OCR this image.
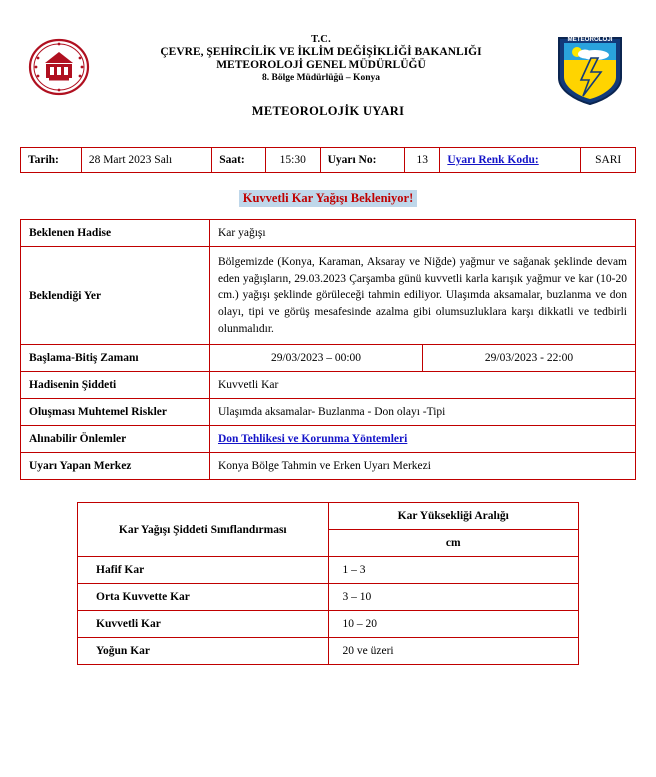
T.C.
ÇEVRE, ŞEHİRCİLİK VE İKLİM DEĞİŞİKLİĞİ BAKANLIĞI
METEOROLOJİ GENEL MÜDÜRLÜĞÜ
8. Bölge Müdürlüğü – Konya
METEOROLOJİ
METEOROLOJİK UYARI
Tarih:	28 Mart 2023 Salı	Saat:	15:30	Uyarı No:	13	Uyarı Renk Kodu:	SARI
Kuvvetli Kar Yağışı Bekleniyor!
Beklenen Hadise	Kar yağışı	
Beklendiği Yer	Bölgemizde (Konya, Karaman, Aksaray ve Niğde) yağmur ve sağanak şeklinde devam eden yağışların, 29.03.2023 Çarşamba günü kuvvetli karla karışık yağmur ve kar (10-20 cm.) yağışı şeklinde görüleceği tahmin ediliyor. Ulaşımda aksamalar, buzlanma ve don olayı, tipi ve görüş mesafesinde azalma gibi olumsuzluklara karşı dikkatli ve tedbirli olunmalıdır.	
Başlama-Bitiş Zamanı	29/03/2023 – 00:00	29/03/2023 - 22:00
Hadisenin Şiddeti	Kuvvetli Kar	
Oluşması Muhtemel Riskler	Ulaşımda aksamalar- Buzlanma - Don olayı -Tipi	
Alınabilir Önlemler	Don Tehlikesi ve Korunma Yöntemleri	
Uyarı Yapan Merkez	Konya Bölge Tahmin ve Erken Uyarı Merkezi	
Kar Yağışı Şiddeti Sınıflandırması	Kar Yüksekliği Aralığı
	cm
Hafif Kar	1 – 3
Orta Kuvvette Kar	3 – 10
Kuvvetli Kar	10 – 20
Yoğun Kar	20 ve üzeri
